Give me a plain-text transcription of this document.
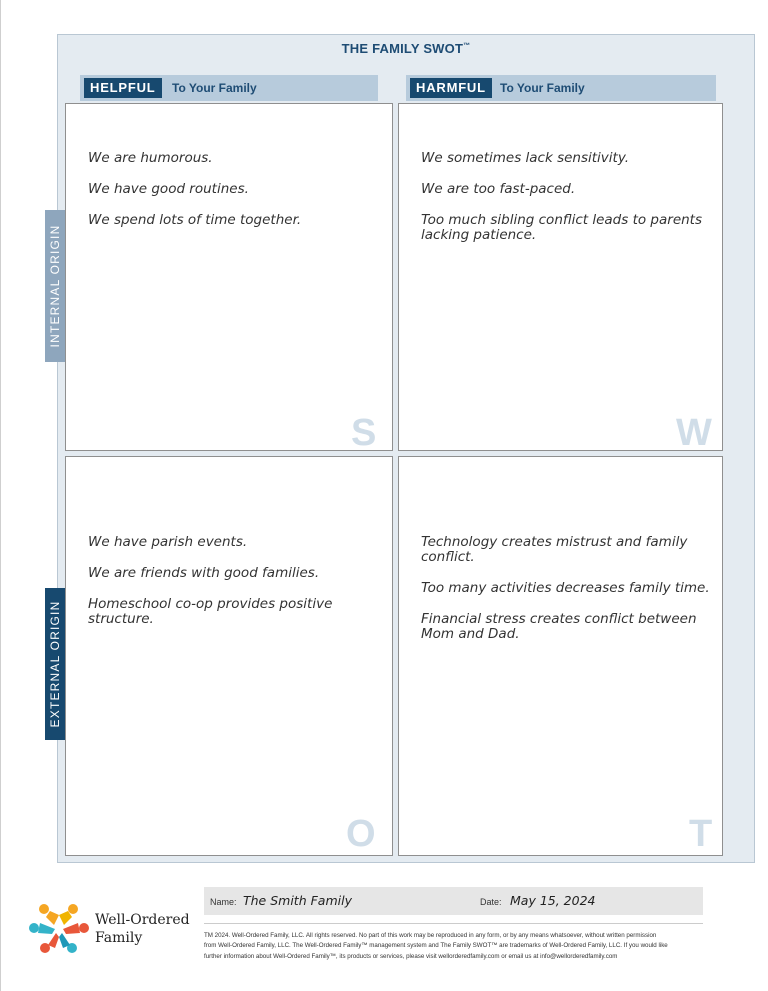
THE FAMILY SWOT™
HELPFUL	To Your Family	HARMFUL	To Your Family
We are humorous.
We have good routines.
We spend lots of time together.
S
We sometimes lack sensitivity.
We are too fast-paced.
Too much sibling conflict leads to parents lacking patience.
W
We have parish events.
We are friends with good families.
Homeschool co-op provides positive structure.
O
Technology creates mistrust and family conflict.
Too many activities decreases family time.
Financial stress creates conflict between Mom and Dad.
T
INTERNAL ORIGIN
EXTERNAL ORIGIN
Well-Ordered
Family
Name: The Smith Family	Date: May 15, 2024
TM 2024. Well-Ordered Family, LLC. All rights reserved. No part of this work may be reproduced in any form, or by any means whatsoever, without written permission
from Well-Ordered Family, LLC. The Well-Ordered Family™ management system and The Family SWOT™ are trademarks of Well-Ordered Family, LLC. If you would like
further information about Well-Ordered Family™, its products or services, please visit wellorderedfamily.com or email us at info@wellorderedfamily.com
